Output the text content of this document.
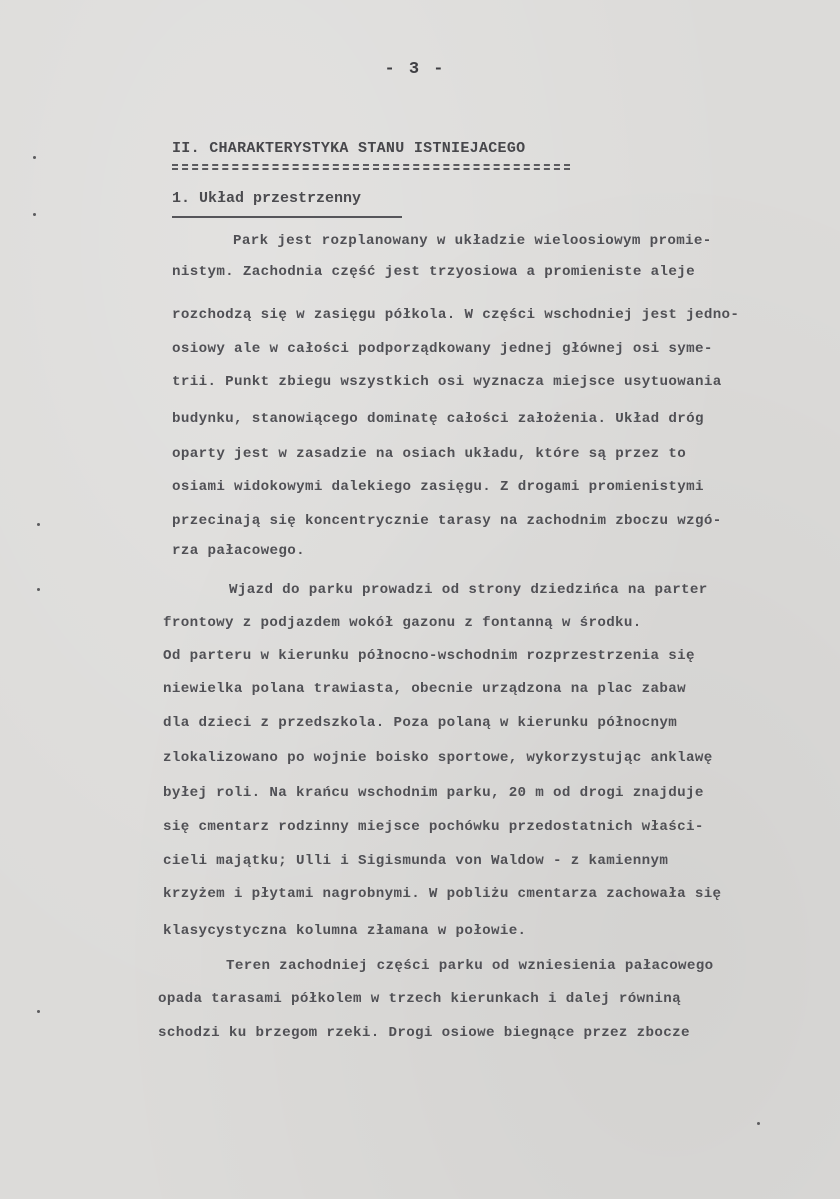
- 3 -
II. CHARAKTERYSTYKA STANU ISTNIEJACEGO
1. Układ przestrzenny
Park jest rozplanowany w układzie wieloosiowym promie-
nistym. Zachodnia część jest trzyosiowa a promieniste aleje
rozchodzą się w zasięgu półkola. W części wschodniej jest jedno-
osiowy ale w całości podporządkowany jednej głównej osi syme-
trii. Punkt zbiegu wszystkich osi wyznacza miejsce usytuowania
budynku, stanowiącego dominatę całości założenia. Układ dróg
oparty jest w zasadzie na osiach układu, które są przez to
osiami widokowymi dalekiego zasięgu. Z drogami promienistymi
przecinają się koncentrycznie tarasy na zachodnim zboczu wzgó-
rza pałacowego.
Wjazd do parku prowadzi od strony dziedzińca na parter
frontowy z podjazdem wokół gazonu z fontanną w środku.
Od parteru w kierunku północno-wschodnim rozprzestrzenia się
niewielka polana trawiasta, obecnie urządzona na plac zabaw
dla dzieci z przedszkola. Poza polaną w kierunku północnym
zlokalizowano po wojnie boisko sportowe, wykorzystując anklawę
byłej roli. Na krańcu wschodnim parku, 20 m od drogi znajduje
się cmentarz rodzinny miejsce pochówku przedostatnich właści-
cieli majątku; Ulli i Sigismunda von Waldow - z kamiennym
krzyżem i płytami nagrobnymi. W pobliżu cmentarza zachowała się
klasycystyczna kolumna złamana w połowie.
Teren zachodniej części parku od wzniesienia pałacowego
opada tarasami półkolem w trzech kierunkach i dalej równiną
schodzi ku brzegom rzeki. Drogi osiowe biegnące przez zbocze
